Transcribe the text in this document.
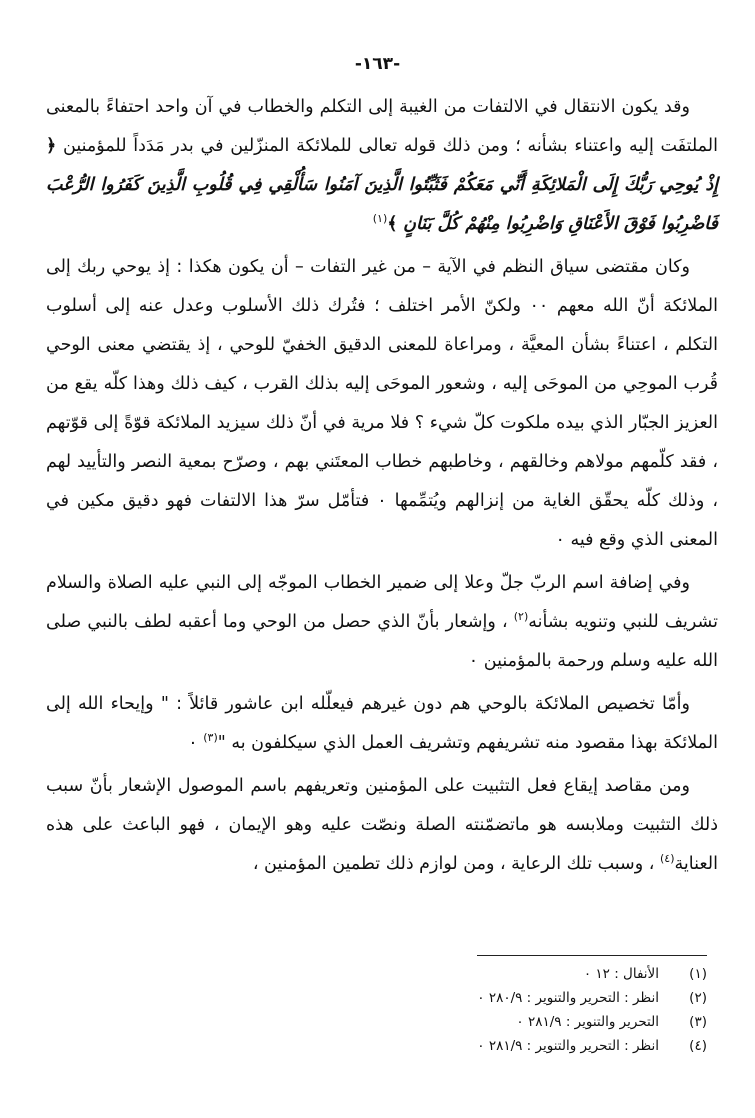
-١٦٣-

وقد يكون الانتقال في الالتفات من الغيبة إلى التكلم والخطاب في آن واحد احتفاءً بالمعنى الملتفَت إليه واعتناء بشأنه ؛ ومن ذلك قوله تعالى للملائكة المنزّلين في بدر مَدَداً للمؤمنين ﴿ إِذْ يُوحِي رَبُّكَ إِلَى الْمَلائِكَةِ أَنِّي مَعَكُمْ فَثَبِّتُوا الَّذِينَ آمَنُوا سَأُلْقِي فِي قُلُوبِ الَّذِينَ كَفَرُوا الرُّعْبَ فَاضْرِبُوا فَوْقَ الأَعْنَاقِ وَاضْرِبُوا مِنْهُمْ كُلَّ بَنَانٍ ﴾$^{(١)}$

وكان مقتضى سياق النظم في الآية – من غير التفات – أن يكون هكذا : إذ يوحي ربك إلى الملائكة أنّ الله معهم ٠٠ ولكنّ الأمر اختلف ؛ فتُرك ذلك الأسلوب وعدل عنه إلى أسلوب التكلم ، اعتناءً بشأن المعيَّة ، ومراعاة للمعنى الدقيق الخفيّ للوحي ، إذ يقتضي معنى الوحي قُرب الموحِي من الموحَى إليه ، وشعور الموحَى إليه بذلك القرب ، كيف ذلك وهذا كلّه يقع من العزيز الجبّار الذي بيده ملكوت كلّ شيء ؟ فلا مرية في أنّ ذلك سيزيد الملائكة قوّةً إلى قوّتهم ، فقد كلّمهم مولاهم وخالقهم ، وخاطبهم خطاب المعتَني بهم ، وصرّح بمعية النصر والتأييد لهم ، وذلك كلّه يحقّق الغاية من إنزالهم ويُتمِّمها ٠ فتأمّل سرّ هذا الالتفات فهو دقيق مكين في المعنى الذي وقع فيه ٠

وفي إضافة اسم الربّ جلّ وعلا إلى ضمير الخطاب الموجّه إلى النبي عليه الصلاة والسلام تشريف للنبي وتنويه بشأنه$^{(٢)}$ ، وإشعار بأنّ الذي حصل من الوحي وما أعقبه لطف بالنبي صلى الله عليه وسلم ورحمة بالمؤمنين ٠

وأمّا تخصيص الملائكة بالوحي هم دون غيرهم فيعلّله ابن عاشور قائلاً : " وإيحاء الله إلى الملائكة بهذا مقصود منه تشريفهم وتشريف العمل الذي سيكلفون به "$^{(٣)}$ ٠

ومن مقاصد إيقاع فعل التثبيت على المؤمنين وتعريفهم باسم الموصول الإشعار بأنّ سبب ذلك التثبيت وملابسه هو ماتضمّنته الصلة ونصّت عليه وهو الإيمان ، فهو الباعث على هذه العناية$^{(٤)}$ ، وسبب تلك الرعاية ، ومن لوازم ذلك تطمين المؤمنين ،

(١)
الأنفال : ١٢ ٠
(٢)
انظر : التحرير والتنوير : ٢٨٠/٩ ٠
(٣)
التحرير والتنوير : ٢٨١/٩ ٠
(٤)
انظر : التحرير والتنوير : ٢٨١/٩ ٠
